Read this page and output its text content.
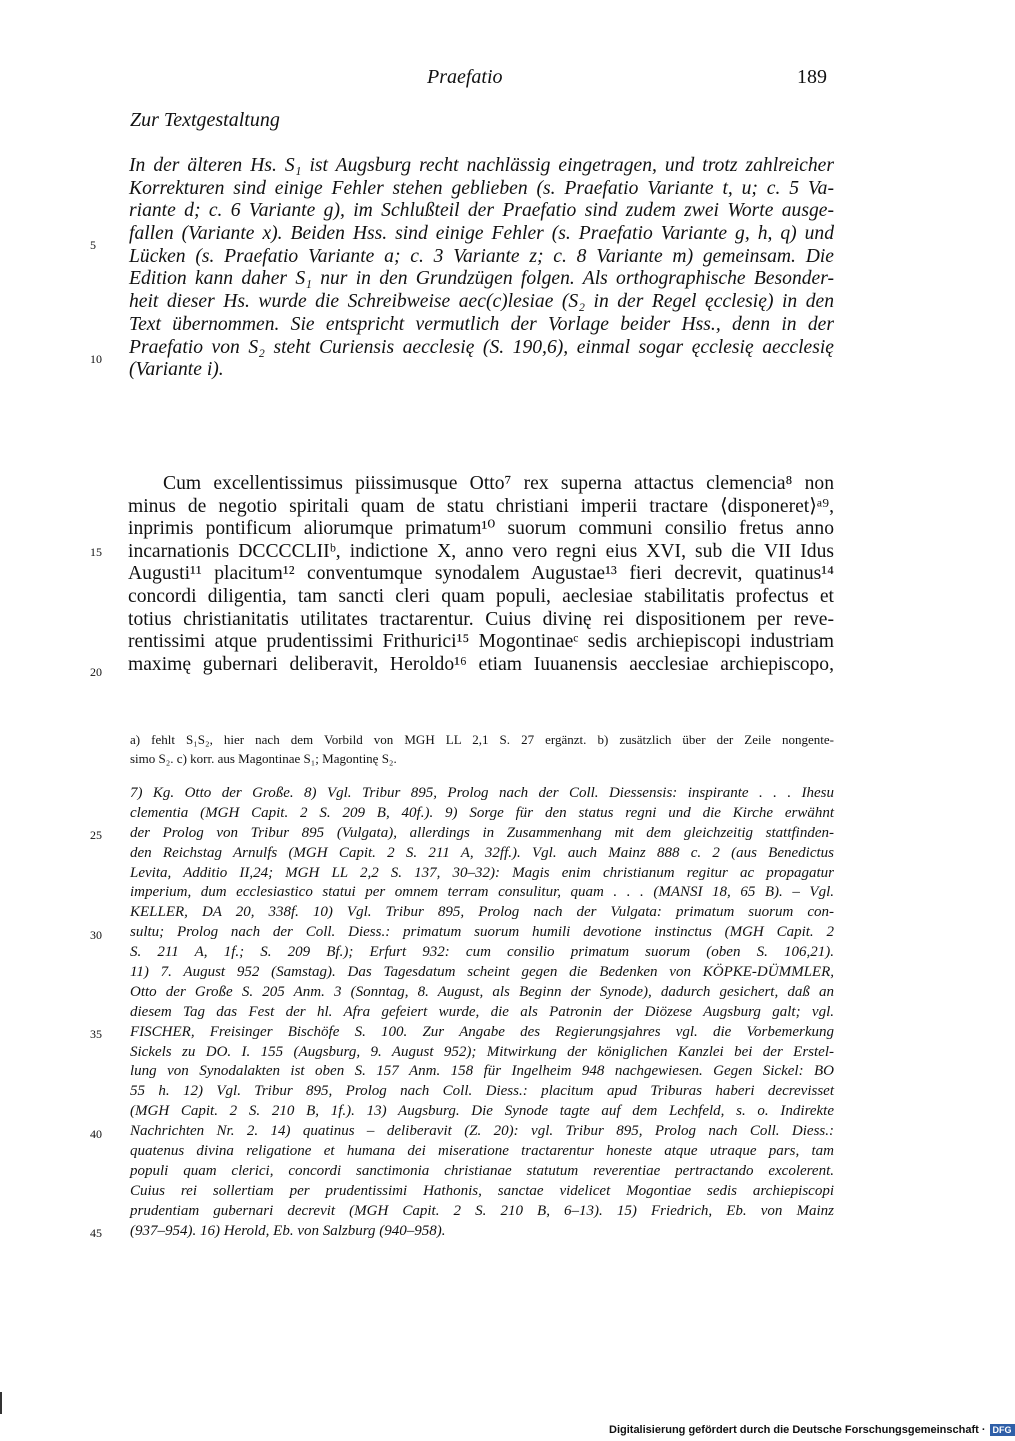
Praefatio	189
Zur Textgestaltung
In der älteren Hs. S₁ ist Augsburg recht nachlässig eingetragen, und trotz zahlreicher
Korrekturen sind einige Fehler stehen geblieben (s. Praefatio Variante t, u; c. 5 Va-
riante d; c. 6 Variante g), im Schlußteil der Praefatio sind zudem zwei Worte ausge-
fallen (Variante x). Beiden Hss. sind einige Fehler (s. Praefatio Variante g, h, q) und
Lücken (s. Praefatio Variante a; c. 3 Variante z; c. 8 Variante m) gemeinsam. Die
Edition kann daher S₁ nur in den Grundzügen folgen. Als orthographische Besonder-
heit dieser Hs. wurde die Schreibweise aec(c)lesiae (S₂ in der Regel ęcclesię) in den
Text übernommen. Sie entspricht vermutlich der Vorlage beider Hss., denn in der
Praefatio von S₂ steht Curiensis aecclesię (S. 190,6), einmal sogar ęcclesię aecclesię
(Variante i).
5
10
Cum excellentissimus piissimusque Otto⁷ rex superna attactus clemencia⁸ non
minus de negotio spiritali quam de statu christiani imperii tractare ⟨disponeret⟩ᵃ⁹,
inprimis pontificum aliorumque primatum¹⁰ suorum communi consilio fretus anno
incarnationis DCCCCLIIᵇ, indictione X, anno vero regni eius XVI, sub die VII Idus
Augusti¹¹ placitum¹² conventumque synodalem Augustae¹³ fieri decrevit, quatinus¹⁴
concordi diligentia, tam sancti cleri quam populi, aeclesiae stabilitatis profectus et
totius christianitatis utilitates tractarentur. Cuius divinę rei dispositionem per reve-
rentissimi atque prudentissimi Frithurici¹⁵ Mogontinaeᶜ sedis archiepiscopi industriam
maximę gubernari deliberavit, Heroldo¹⁶ etiam Iuuanensis aecclesiae archiepiscopo,
15
20
a) fehlt S₁S₂, hier nach dem Vorbild von MGH LL 2,1 S. 27 ergänzt. b) zusätzlich über der Zeile nongente-
simo S₂. c) korr. aus Magontinae S₁; Magontinę S₂.
7) Kg. Otto der Große. 8) Vgl. Tribur 895, Prolog nach der Coll. Diessensis: inspirante . . . Ihesu
clementia (MGH Capit. 2 S. 209 B, 40f.). 9) Sorge für den status regni und die Kirche erwähnt
der Prolog von Tribur 895 (Vulgata), allerdings in Zusammenhang mit dem gleichzeitig stattfinden-
den Reichstag Arnulfs (MGH Capit. 2 S. 211 A, 32ff.). Vgl. auch Mainz 888 c. 2 (aus Benedictus
Levita, Additio II,24; MGH LL 2,2 S. 137, 30–32): Magis enim christianum regitur ac propagatur
imperium, dum ecclesiastico statui per omnem terram consulitur, quam . . . (MANSI 18, 65 B). – Vgl.
KELLER, DA 20, 338f. 10) Vgl. Tribur 895, Prolog nach der Vulgata: primatum suorum con-
sultu; Prolog nach der Coll. Diess.: primatum suorum humili devotione instinctus (MGH Capit. 2
S. 211 A, 1f.; S. 209 Bf.); Erfurt 932: cum consilio primatum suorum (oben S. 106,21).
11) 7. August 952 (Samstag). Das Tagesdatum scheint gegen die Bedenken von KÖPKE-DÜMMLER,
Otto der Große S. 205 Anm. 3 (Sonntag, 8. August, als Beginn der Synode), dadurch gesichert, daß an
diesem Tag das Fest der hl. Afra gefeiert wurde, die als Patronin der Diözese Augsburg galt; vgl.
FISCHER, Freisinger Bischöfe S. 100. Zur Angabe des Regierungsjahres vgl. die Vorbemerkung
Sickels zu DO. I. 155 (Augsburg, 9. August 952); Mitwirkung der königlichen Kanzlei bei der Erstel-
lung von Synodalakten ist oben S. 157 Anm. 158 für Ingelheim 948 nachgewiesen. Gegen Sickel: BO
55 h. 12) Vgl. Tribur 895, Prolog nach Coll. Diess.: placitum apud Triburas haberi decrevisset
(MGH Capit. 2 S. 210 B, 1f.). 13) Augsburg. Die Synode tagte auf dem Lechfeld, s. o. Indirekte
Nachrichten Nr. 2. 14) quatinus – deliberavit (Z. 20): vgl. Tribur 895, Prolog nach Coll. Diess.:
quatenus divina religatione et humana dei miseratione tractarentur honeste atque utraque pars, tam
populi quam clerici, concordi sanctimonia christianae statutum reverentiae pertractando excolerent.
Cuius rei sollertiam per prudentissimi Hathonis, sanctae videlicet Mogontiae sedis archiepiscopi
prudentiam gubernari decrevit (MGH Capit. 2 S. 210 B, 6–13). 15) Friedrich, Eb. von Mainz
(937–954). 16) Herold, Eb. von Salzburg (940–958).
25
30
35
40
45
Digitalisierung gefördert durch die Deutsche Forschungsgemeinschaft · DFG
